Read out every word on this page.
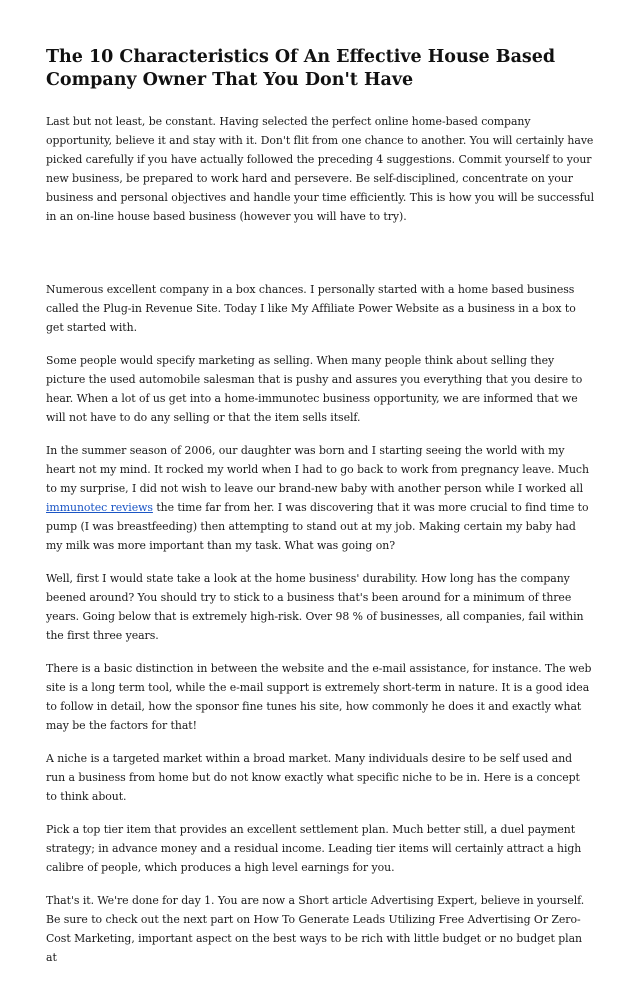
The 10 Characteristics Of An Effective House Based Company Owner That You Don't Have

Last but not least, be constant. Having selected the perfect online home-based company opportunity, believe it and stay with it. Don't flit from one chance to another. You will certainly have picked carefully if you have actually followed the preceding 4 suggestions. Commit yourself to your new business, be prepared to work hard and persevere. Be self-disciplined, concentrate on your business and personal objectives and handle your time efficiently. This is how you will be successful in an on-line house based business (however you will have to try).

Numerous excellent company in a box chances. I personally started with a home based business called the Plug-in Revenue Site. Today I like My Affiliate Power Website as a business in a box to get started with.

Some people would specify marketing as selling. When many people think about selling they picture the used automobile salesman that is pushy and assures you everything that you desire to hear. When a lot of us get into a home-immunotec business opportunity, we are informed that we will not have to do any selling or that the item sells itself.

In the summer season of 2006, our daughter was born and I starting seeing the world with my heart not my mind. It rocked my world when I had to go back to work from pregnancy leave. Much to my surprise, I did not wish to leave our brand-new baby with another person while I worked all immunotec reviews the time far from her. I was discovering that it was more crucial to find time to pump (I was breastfeeding) then attempting to stand out at my job. Making certain my baby had my milk was more important than my task. What was going on?

Well, first I would state take a look at the home business' durability. How long has the company beened around? You should try to stick to a business that's been around for a minimum of three years. Going below that is extremely high-risk. Over 98 % of businesses, all companies, fail within the first three years.

There is a basic distinction in between the website and the e-mail assistance, for instance. The web site is a long term tool, while the e-mail support is extremely short-term in nature. It is a good idea to follow in detail, how the sponsor fine tunes his site, how commonly he does it and exactly what may be the factors for that!

A niche is a targeted market within a broad market. Many individuals desire to be self used and run a business from home but do not know exactly what specific niche to be in. Here is a concept to think about.

Pick a top tier item that provides an excellent settlement plan. Much better still, a duel payment strategy; in advance money and a residual income. Leading tier items will certainly attract a high calibre of people, which produces a high level earnings for you.

That's it. We're done for day 1. You are now a Short article Advertising Expert, believe in yourself. Be sure to check out the next part on How To Generate Leads Utilizing Free Advertising Or Zero-Cost Marketing, important aspect on the best ways to be rich with little budget or no budget plan at
